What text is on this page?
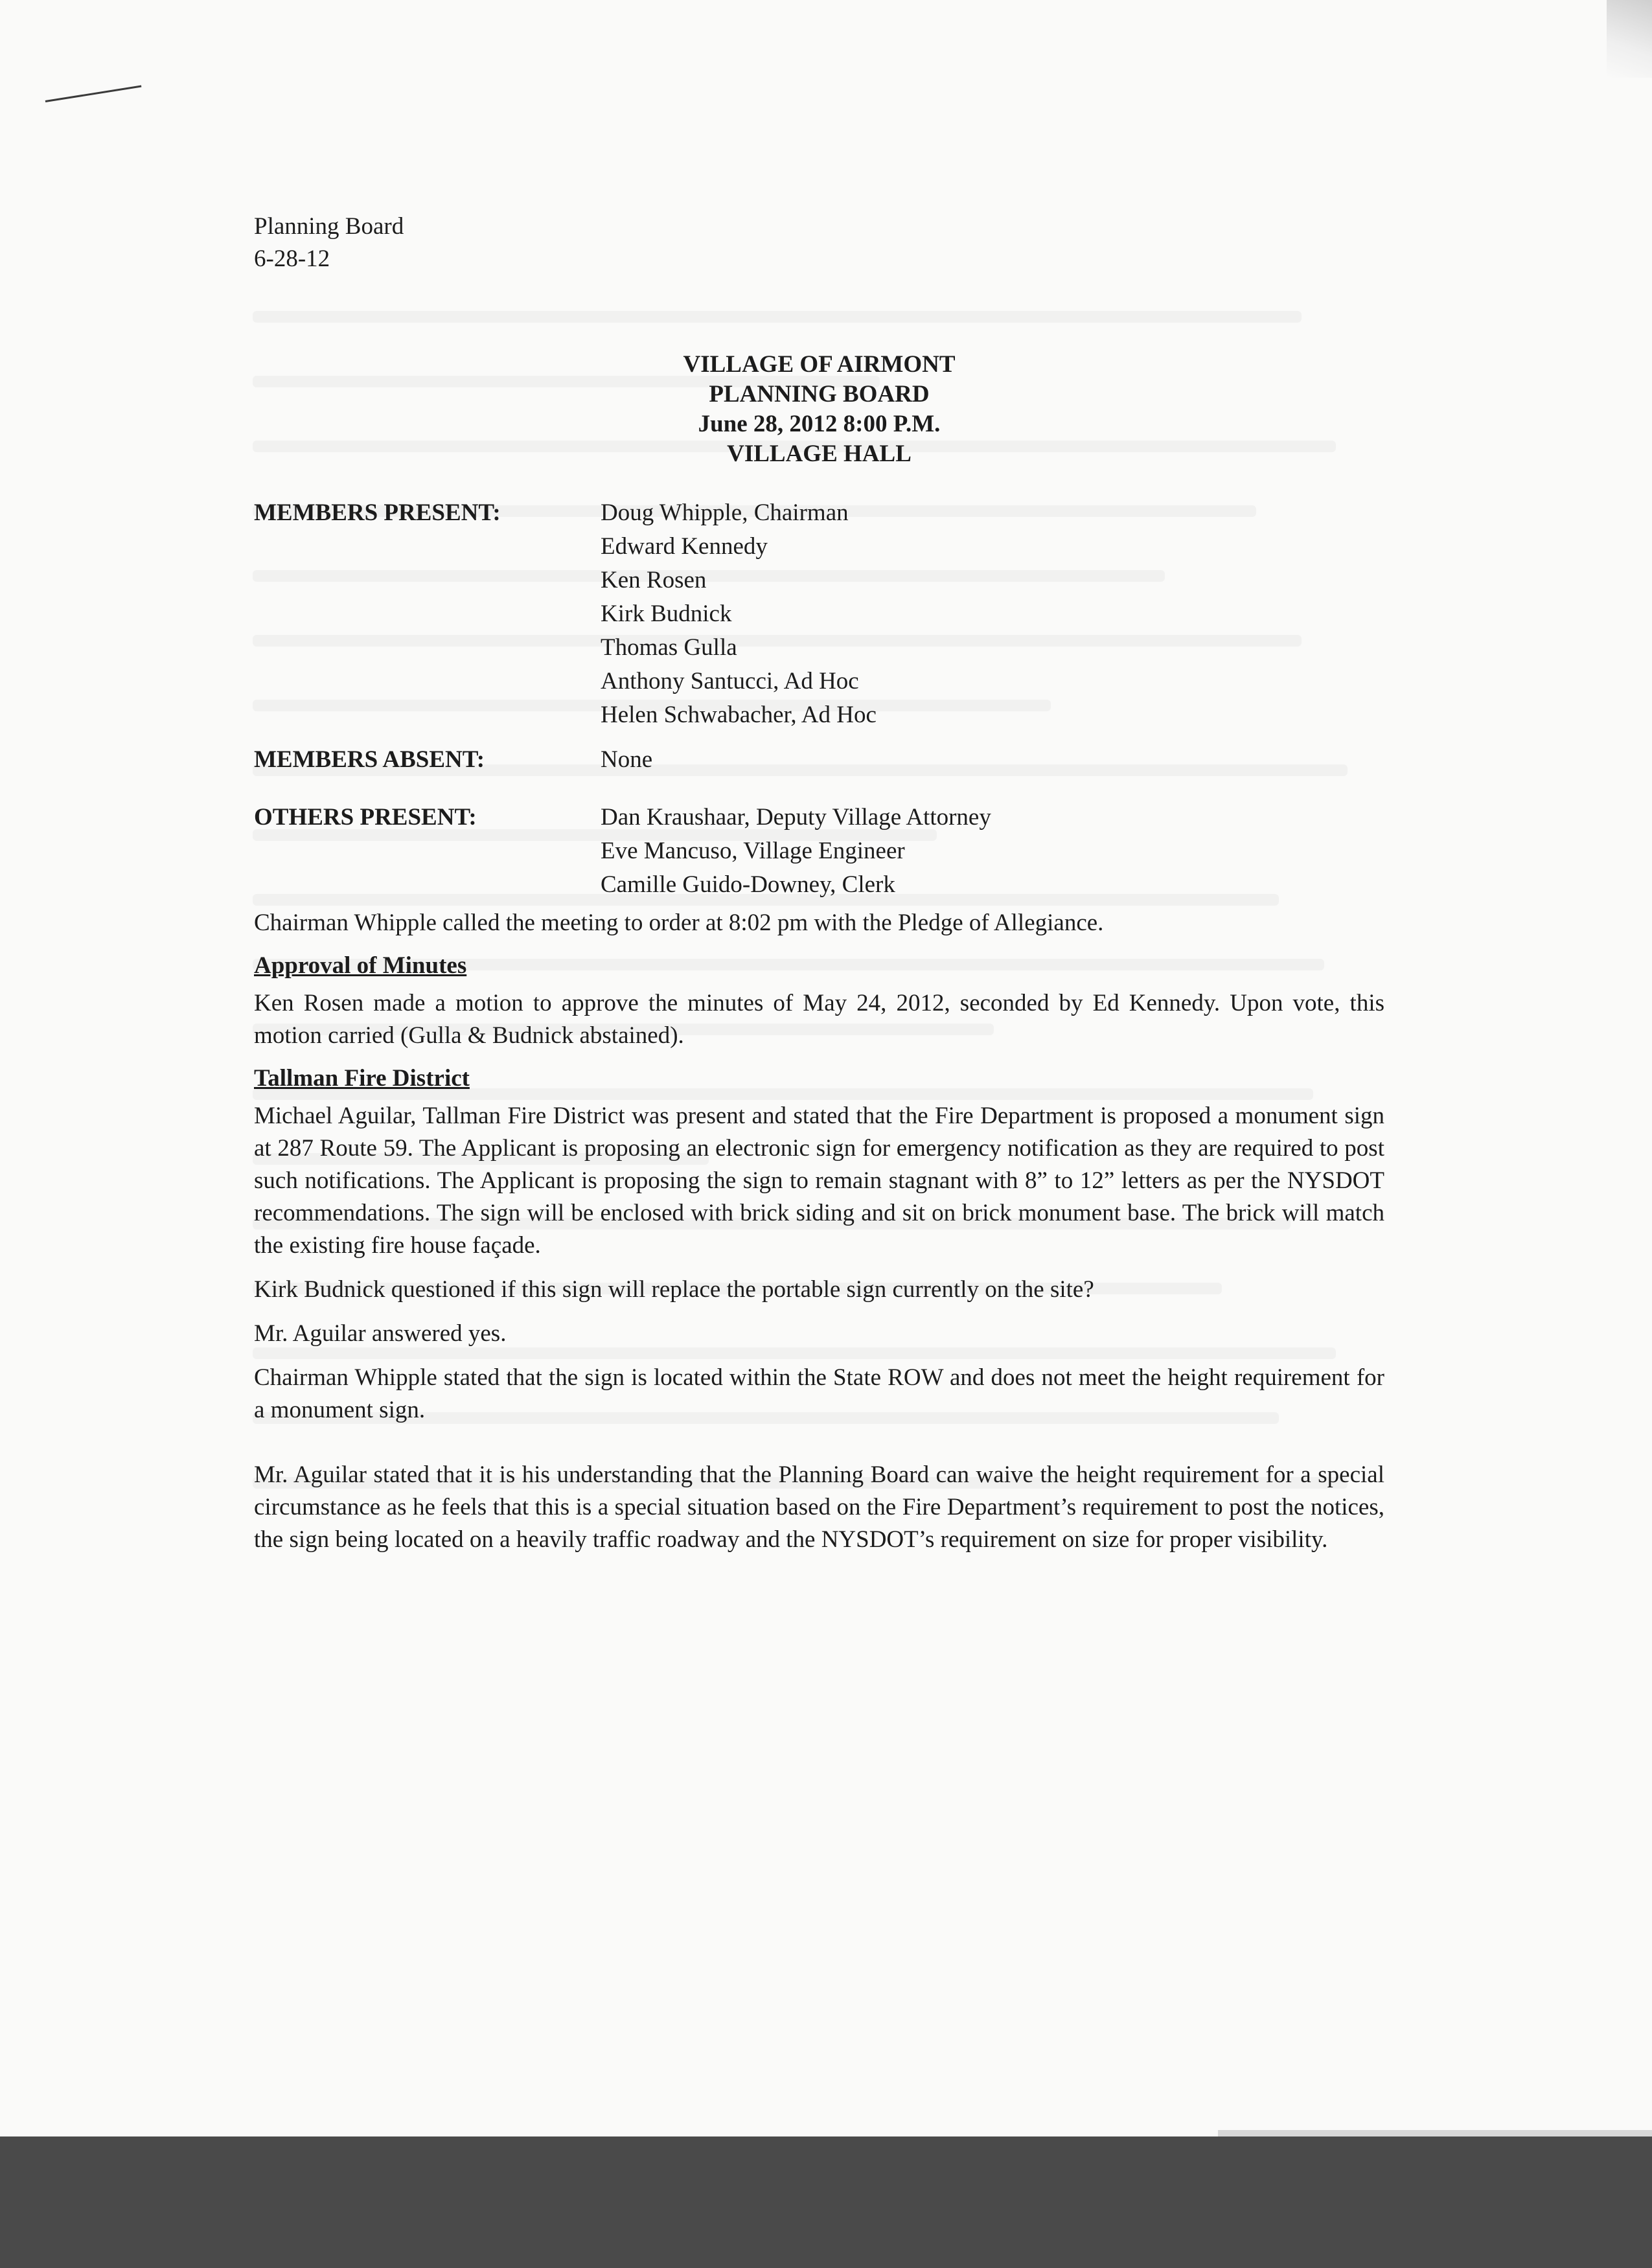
Planning Board
6-28-12
VILLAGE OF AIRMONT
PLANNING BOARD
June 28, 2012 8:00 P.M.
VILLAGE HALL
MEMBERS PRESENT:	Doug Whipple, Chairman
Edward Kennedy
Ken Rosen
Kirk Budnick
Thomas Gulla
Anthony Santucci, Ad Hoc
Helen Schwabacher, Ad Hoc
MEMBERS ABSENT:	None
OTHERS PRESENT:	Dan Kraushaar, Deputy Village Attorney
Eve Mancuso, Village Engineer
Camille Guido-Downey, Clerk

Chairman Whipple called the meeting to order at 8:02 pm with the Pledge of Allegiance.

Approval of Minutes

Ken Rosen made a motion to approve the minutes of May 24, 2012, seconded by Ed Kennedy. Upon vote, this motion carried (Gulla & Budnick abstained).

Tallman Fire District

Michael Aguilar, Tallman Fire District was present and stated that the Fire Department is proposed a monument sign at 287 Route 59. The Applicant is proposing an electronic sign for emergency notification as they are required to post such notifications. The Applicant is proposing the sign to remain stagnant with 8” to 12” letters as per the NYSDOT recommendations. The sign will be enclosed with brick siding and sit on brick monument base. The brick will match the existing fire house façade.

Kirk Budnick questioned if this sign will replace the portable sign currently on the site?

Mr. Aguilar answered yes.

Chairman Whipple stated that the sign is located within the State ROW and does not meet the height requirement for a monument sign.

Mr. Aguilar stated that it is his understanding that the Planning Board can waive the height requirement for a special circumstance as he feels that this is a special situation based on the Fire Department’s requirement to post the notices, the sign being located on a heavily traffic roadway and the NYSDOT’s requirement on size for proper visibility.
